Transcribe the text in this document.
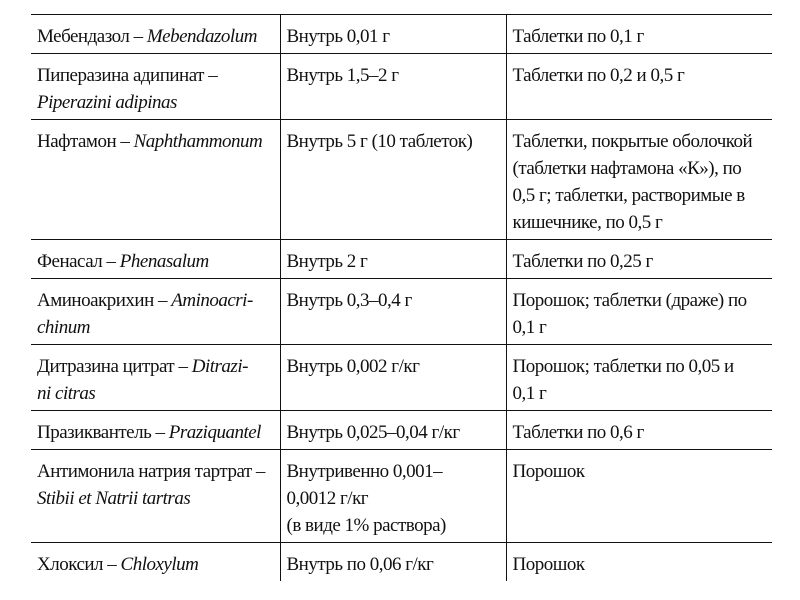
Мебендазол – Mebendazolum	Внутрь 0,01 г	Таблетки по 0,1 г

Пиперазина адипинат –
Piperazini adipinas	Внутрь 1,5–2 г	Таблетки по 0,2 и 0,5 г

Нафтамон – Naphthammonum	Внутрь 5 г (10 таблеток)	Таблетки, покрытые оболочкой
(таблетки нафтамона «К»), по
0,5 г; таблетки, растворимые в
кишечнике, по 0,5 г

Фенасал – Phenasalum	Внутрь 2 г	Таблетки по 0,25 г

Аминоакрихин – Aminoacri-
chinum	Внутрь 0,3–0,4 г	Порошок; таблетки (драже) по
0,1 г

Дитразина цитрат – Ditrazi-
ni citras	Внутрь 0,002 г/кг	Порошок; таблетки по 0,05 и
0,1 г

Празиквантель – Praziquantel	Внутрь 0,025–0,04 г/кг	Таблетки по 0,6 г

Антимонила натрия тартрат –
Stibii et Natrii tartras	Внутривенно 0,001–
0,0012 г/кг
(в виде 1% раствора)	Порошок

Хлоксил – Chloxylum	Внутрь по 0,06 г/кг	Порошок
